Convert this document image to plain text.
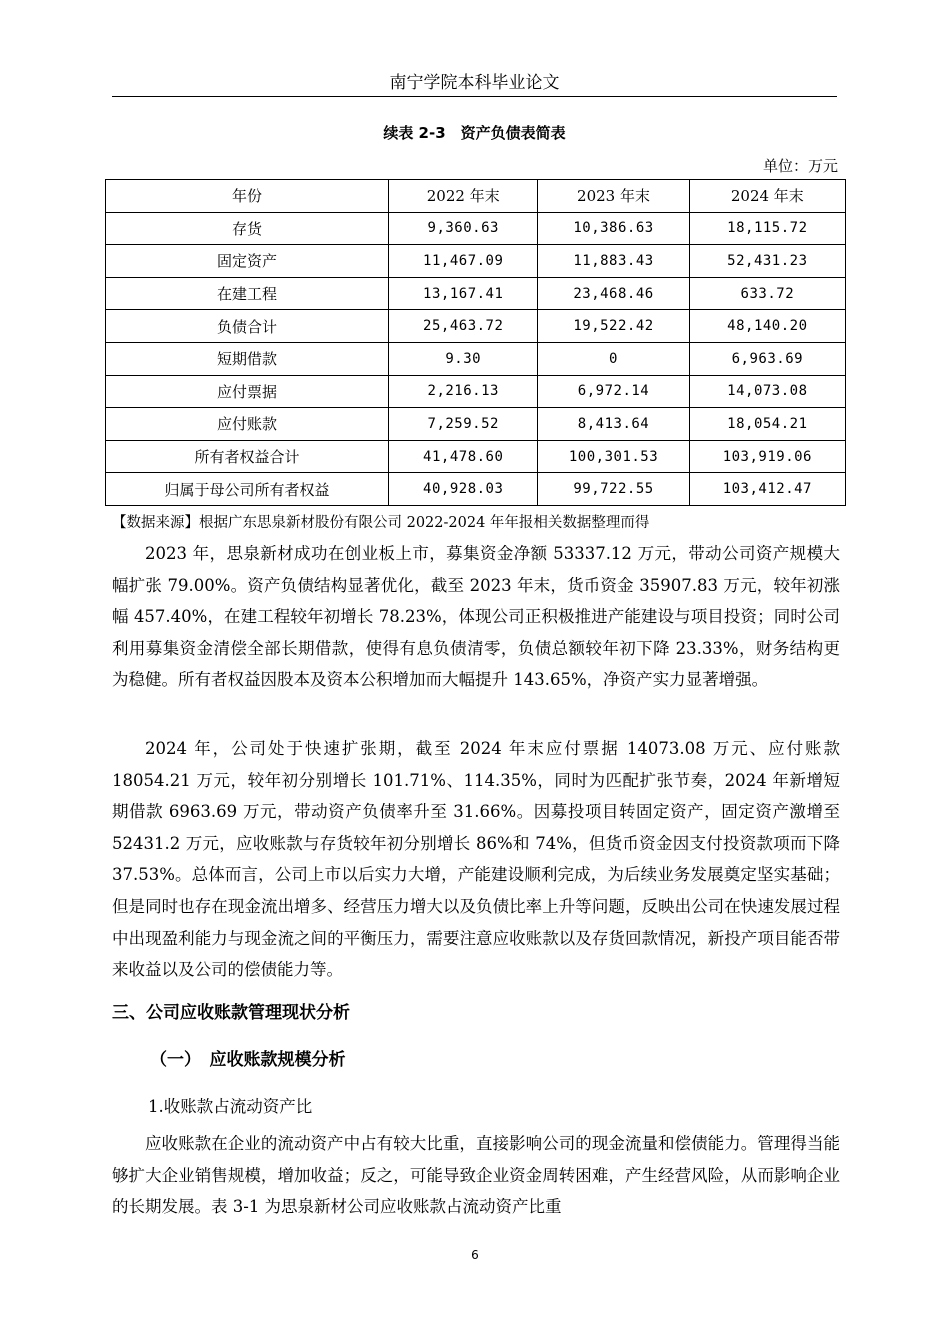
南宁学院本科毕业论文
续表 2-3　资产负债表简表
单位：万元
年份	2022 年末	2023 年末	2024 年末
存货	9,360.63	10,386.63	18,115.72
固定资产	11,467.09	11,883.43	52,431.23
在建工程	13,167.41	23,468.46	633.72
负债合计	25,463.72	19,522.42	48,140.20
短期借款	9.30	0	6,963.69
应付票据	2,216.13	6,972.14	14,073.08
应付账款	7,259.52	8,413.64	18,054.21
所有者权益合计	41,478.60	100,301.53	103,919.06
归属于母公司所有者权益	40,928.03	99,722.55	103,412.47
【数据来源】根据广东思泉新材股份有限公司 2022-2024 年年报相关数据整理而得

2023 年，思泉新材成功在创业板上市，募集资金净额 53337.12 万元，带动公司资产规模大幅扩张 79.00%。资产负债结构显著优化，截至 2023 年末，货币资金 35907.83 万元，较年初涨幅 457.40%，在建工程较年初增长 78.23%，体现公司正积极推进产能建设与项目投资；同时公司利用募集资金清偿全部长期借款，使得有息负债清零，负债总额较年初下降 23.33%，财务结构更为稳健。所有者权益因股本及资本公积增加而大幅提升 143.65%，净资产实力显著增强。

2024 年，公司处于快速扩张期，截至 2024 年末应付票据 14073.08 万元、应付账款 18054.21 万元，较年初分别增长 101.71%、114.35%，同时为匹配扩张节奏，2024 年新增短期借款 6963.69 万元，带动资产负债率升至 31.66%。因募投项目转固定资产，固定资产激增至 52431.2 万元，应收账款与存货较年初分别增长 86%和 74%，但货币资金因支付投资款项而下降 37.53%。总体而言，公司上市以后实力大增，产能建设顺利完成，为后续业务发展奠定坚实基础；但是同时也存在现金流出增多、经营压力增大以及负债比率上升等问题，反映出公司在快速发展过程中出现盈利能力与现金流之间的平衡压力，需要注意应收账款以及存货回款情况，新投产项目能否带来收益以及公司的偿债能力等。

三、公司应收账款管理现状分析
（一）　应收账款规模分析
1.收账款占流动资产比

应收账款在企业的流动资产中占有较大比重，直接影响公司的现金流量和偿债能力。管理得当能够扩大企业销售规模，增加收益；反之，可能导致企业资金周转困难，产生经营风险，从而影响企业的长期发展。表 3-1 为思泉新材公司应收账款占流动资产比重

6
